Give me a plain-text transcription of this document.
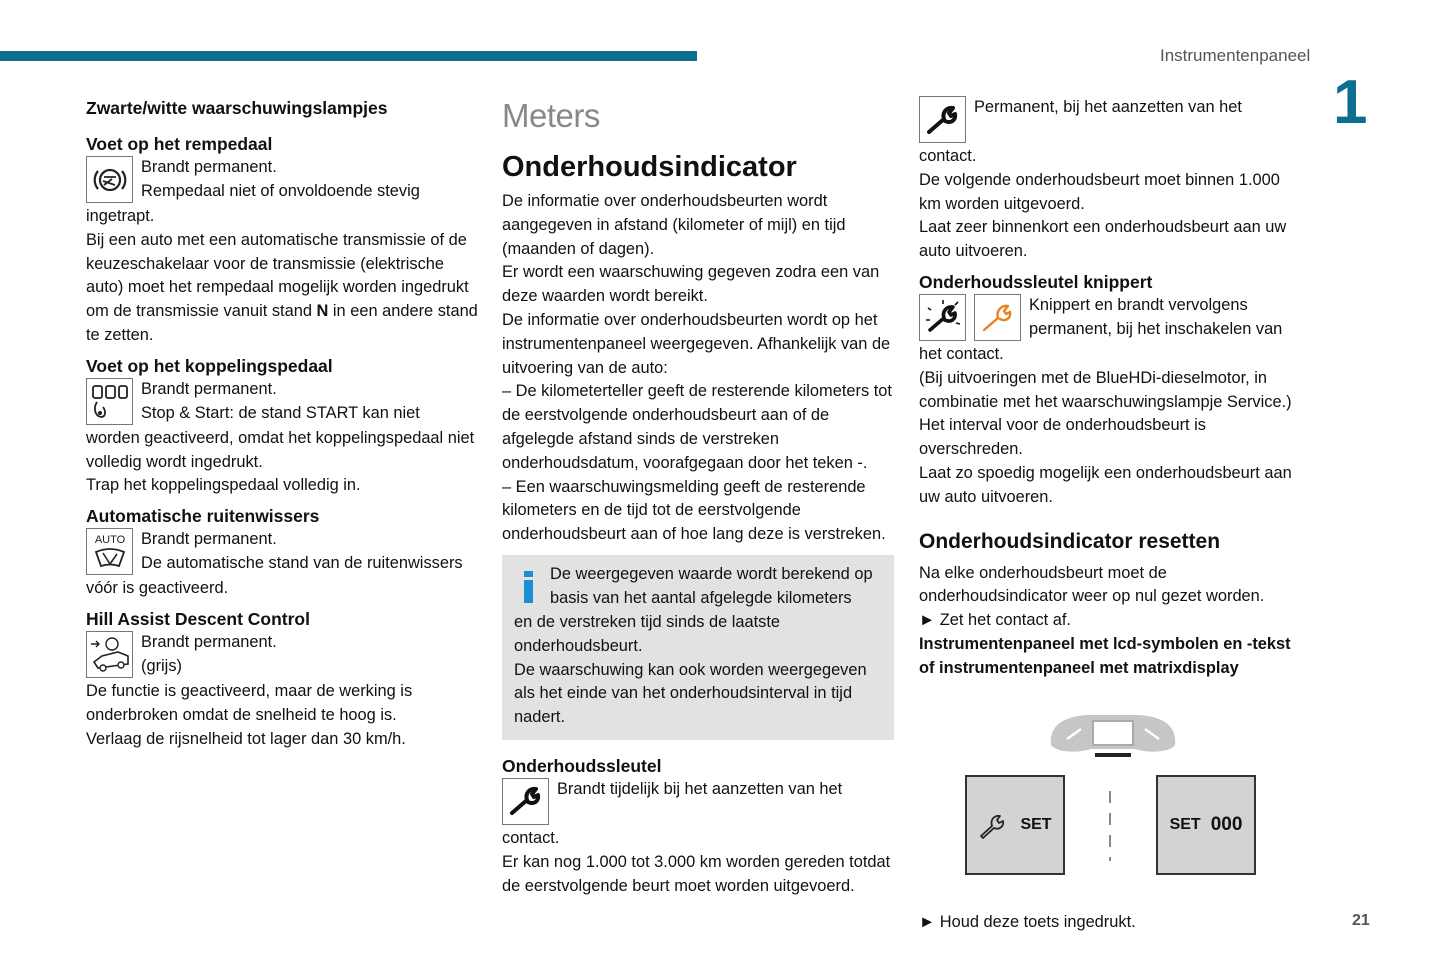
Instrumentenpaneel
1
21

Zwarte/witte waarschuwingslampjes

Voet op het rempedaal

Brandt permanent.

Rempedaal niet of onvoldoende stevig

ingetrapt.

Bij een auto met een automatische transmissie of de keuzeschakelaar voor de transmissie (elektrische auto) moet het rempedaal mogelijk worden ingedrukt om de transmissie vanuit stand N in een andere stand te zetten.

Voet op het koppelingspedaal

Brandt permanent.

Stop & Start: de stand START kan niet

worden geactiveerd, omdat het koppelingspedaal niet volledig wordt ingedrukt.

Trap het koppelingspedaal volledig in.

Automatische ruitenwissers

AUTO Brandt permanent.

De automatische stand van de ruitenwissers

vóór is geactiveerd.

Hill Assist Descent Control

Brandt permanent.

(grijs)

De functie is geactiveerd, maar de werking is onderbroken omdat de snelheid te hoog is.

Verlaag de rijsnelheid tot lager dan 30 km/h.

Meters

Onderhoudsindicator

De informatie over onderhoudsbeurten wordt aangegeven in afstand (kilometer of mijl) en tijd (maanden of dagen).

Er wordt een waarschuwing gegeven zodra een van deze waarden wordt bereikt.

De informatie over onderhoudsbeurten wordt op het instrumentenpaneel weergegeven. Afhankelijk van de uitvoering van de auto:

– De kilometerteller geeft de resterende kilometers tot de eerstvolgende onderhoudsbeurt aan of de afgelegde afstand sinds de verstreken onderhoudsdatum, voorafgegaan door het teken -.

– Een waarschuwingsmelding geeft de resterende kilometers en de tijd tot de eerstvolgende onderhoudsbeurt aan of hoe lang deze is verstreken.

De weergegeven waarde wordt berekend op

basis van het aantal afgelegde kilometers

en de verstreken tijd sinds de laatste onderhoudsbeurt.

De waarschuwing kan ook worden weergegeven als het einde van het onderhoudsinterval in tijd nadert.

Onderhoudssleutel

Brandt tijdelijk bij het aanzetten van het

contact.

Er kan nog 1.000 tot 3.000 km worden gereden totdat de eerstvolgende beurt moet worden uitgevoerd.

Permanent, bij het aanzetten van het

contact.

De volgende onderhoudsbeurt moet binnen 1.000 km worden uitgevoerd.

Laat zeer binnenkort een onderhoudsbeurt aan uw auto uitvoeren.

Onderhoudssleutel knippert

Knippert en brandt vervolgens

permanent, bij het inschakelen van

het contact.

(Bij uitvoeringen met de BlueHDi-dieselmotor, in combinatie met het waarschuwingslampje Service.)

Het interval voor de onderhoudsbeurt is overschreden.

Laat zo spoedig mogelijk een onderhoudsbeurt aan uw auto uitvoeren.

Onderhoudsindicator resetten

Na elke onderhoudsbeurt moet de onderhoudsindicator weer op nul gezet worden.

► Zet het contact af.

Instrumentenpaneel met lcd-symbolen en -tekst of instrumentenpaneel met matrixdisplay

SET	SET 000

► Houd deze toets ingedrukt.
